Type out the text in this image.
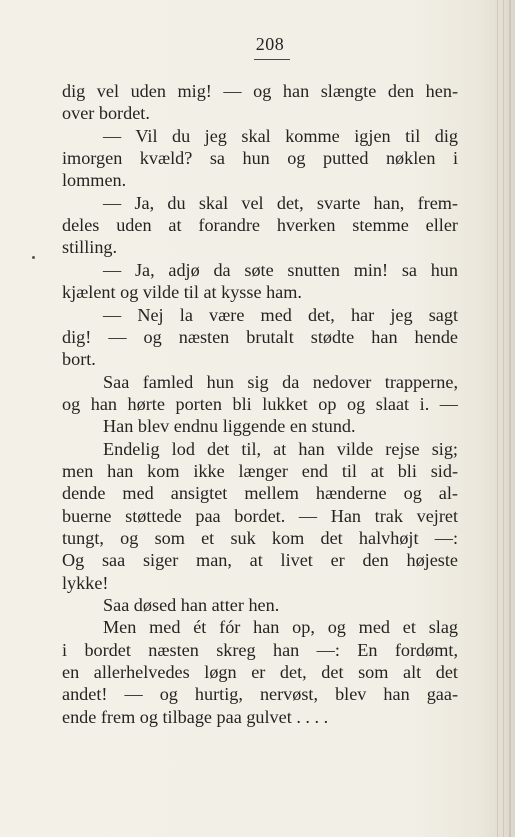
208
dig vel uden mig! — og han slængte den hen-
over bordet.
— Vil du jeg skal komme igjen til dig
imorgen kvæld? sa hun og putted nøklen i
lommen.
— Ja, du skal vel det, svarte han, frem-
deles uden at forandre hverken stemme eller
stilling.
— Ja, adjø da søte snutten min! sa hun
kjælent og vilde til at kysse ham.
— Nej la være med det, har jeg sagt
dig! — og næsten brutalt stødte han hende
bort.
Saa famled hun sig da nedover trapperne,
og han hørte porten bli lukket op og slaat i. —
Han blev endnu liggende en stund.
Endelig lod det til, at han vilde rejse sig;
men han kom ikke længer end til at bli sid-
dende med ansigtet mellem hænderne og al-
buerne støttede paa bordet. — Han trak vejret
tungt, og som et suk kom det halvhøjt —:
Og saa siger man, at livet er den højeste
lykke!
Saa døsed han atter hen.
Men med ét fór han op, og med et slag
i bordet næsten skreg han —: En fordømt,
en allerhelvedes løgn er det, det som alt det
andet! — og hurtig, nervøst, blev han gaa-
ende frem og tilbage paa gulvet . . . .
